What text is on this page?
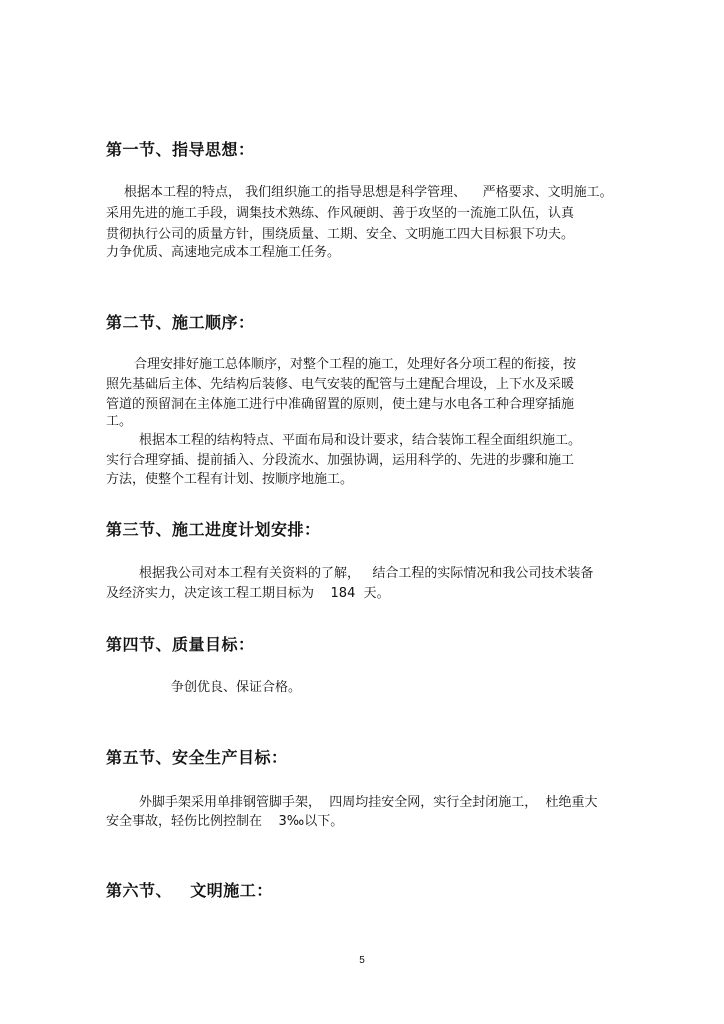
第一节、指导思想：
根据本工程的特点， 我们组织施工的指导思想是科学管理、    严格要求、文明施工。
采用先进的施工手段，调集技术熟练、作风硬朗、善于攻坚的一流施工队伍，认真
贯彻执行公司的质量方针，围绕质量、工期、安全、文明施工四大目标狠下功夫。
力争优质、高速地完成本工程施工任务。
第二节、施工顺序：
合理安排好施工总体顺序，对整个工程的施工，处理好各分项工程的衔接，按
照先基础后主体、先结构后装修、电气安装的配管与土建配合埋设，上下水及采暖
管道的预留洞在主体施工进行中准确留置的原则，使土建与水电各工种合理穿插施
工。
根据本工程的结构特点、平面布局和设计要求，结合装饰工程全面组织施工。
实行合理穿插、提前插入、分段流水、加强协调，运用科学的、先进的步骤和施工
方法，使整个工程有计划、按顺序地施工。
第三节、施工进度计划安排：
根据我公司对本工程有关资料的了解，   结合工程的实际情况和我公司技术装备
及经济实力，决定该工程工期目标为    184  天。
第四节、质量目标：
争创优良、保证合格。
第五节、安全生产目标：
外脚手架采用单排钢管脚手架，  四周均挂安全网，实行全封闭施工，  杜绝重大
安全事故，轻伤比例控制在    3‰以下。
第六节、   文明施工：
5
